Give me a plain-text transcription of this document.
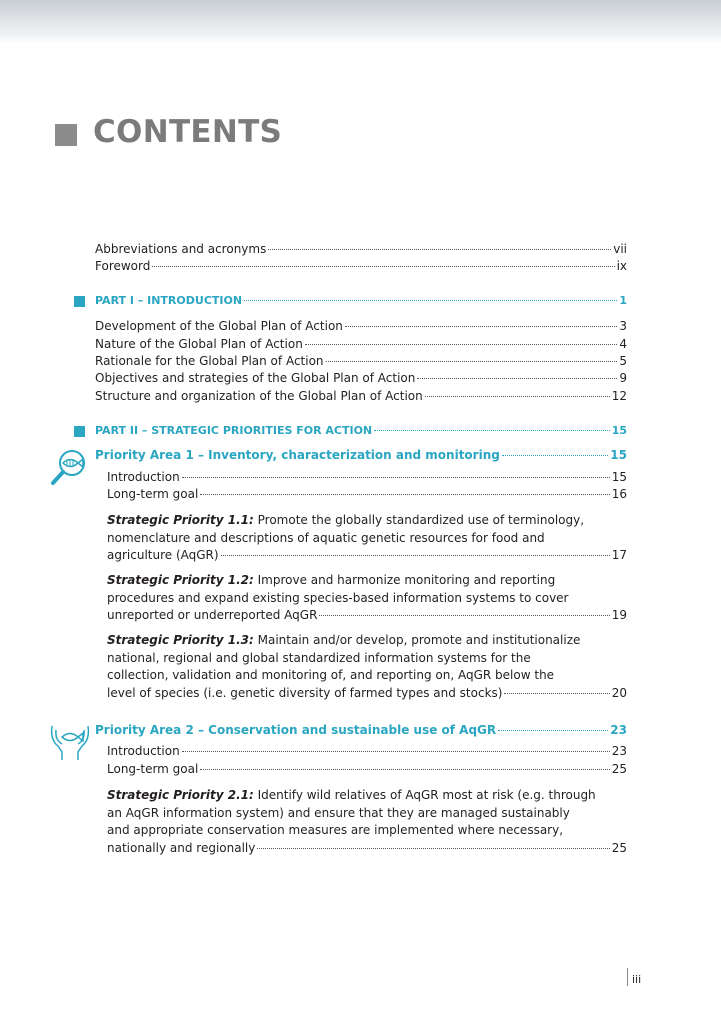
CONTENTS
Abbreviations and acronyms	vii
Foreword	ix
PART I – INTRODUCTION	1
Development of the Global Plan of Action	3
Nature of the Global Plan of Action	4
Rationale for the Global Plan of Action	5
Objectives and strategies of the Global Plan of Action	9
Structure and organization of the Global Plan of Action	12
PART II – STRATEGIC PRIORITIES FOR ACTION	15
Priority Area 1 – Inventory, characterization and monitoring	15
Introduction	15
Long-term goal	16
Strategic Priority 1.1: Promote the globally standardized use of terminology,
nomenclature and descriptions of aquatic genetic resources for food and
agriculture (AqGR)	17
Strategic Priority 1.2: Improve and harmonize monitoring and reporting
procedures and expand existing species-based information systems to cover
unreported or underreported AqGR	19
Strategic Priority 1.3: Maintain and/or develop, promote and institutionalize
national, regional and global standardized information systems for the
collection, validation and monitoring of, and reporting on, AqGR below the
level of species (i.e. genetic diversity of farmed types and stocks)	20
Priority Area 2 – Conservation and sustainable use of AqGR	23
Introduction	23
Long-term goal	25
Strategic Priority 2.1: Identify wild relatives of AqGR most at risk (e.g. through
an AqGR information system) and ensure that they are managed sustainably
and appropriate conservation measures are implemented where necessary,
nationally and regionally	25
iii
